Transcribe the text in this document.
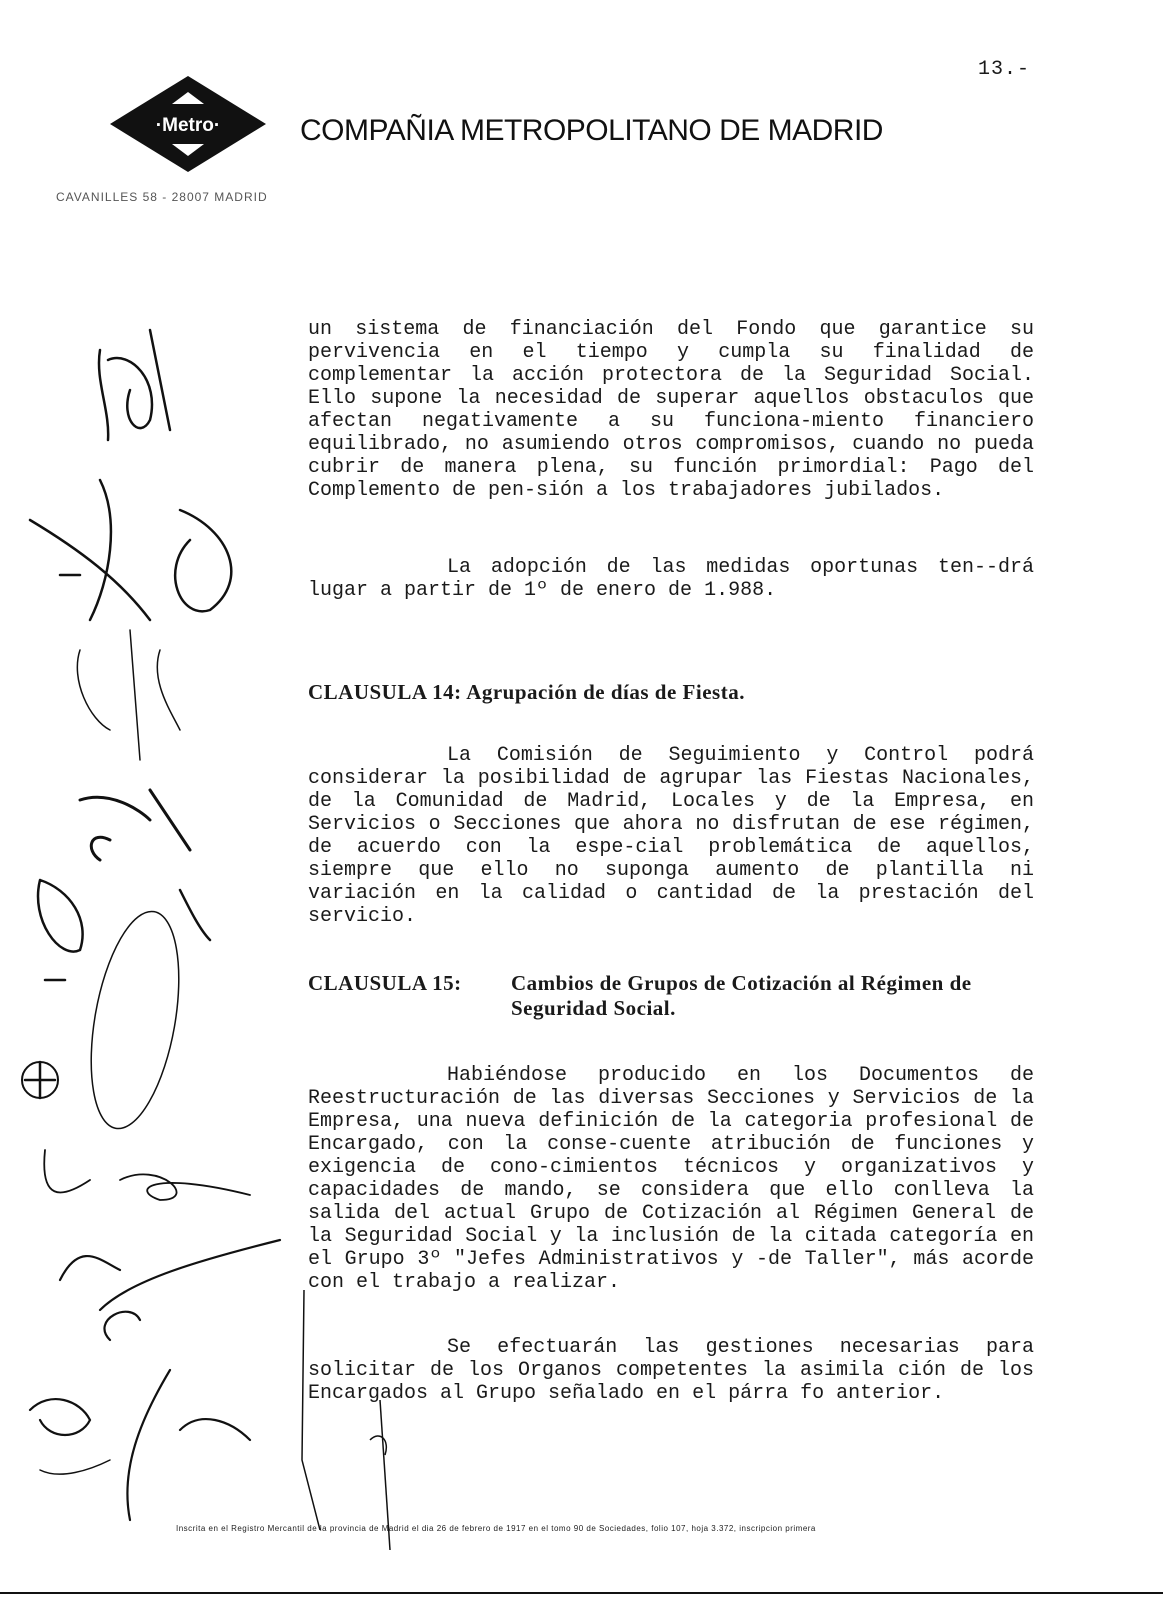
13.-
·Metro·	COMPAÑIA METROPOLITANO DE MADRID
CAVANILLES 58 - 28007 MADRID
un sistema de financiación del Fondo que garantice su pervivencia en el tiempo y cumpla su finalidad de complementar la acción protectora de la Seguridad Social. Ello supone la necesidad de superar aquellos obstaculos que afectan negativamente a su funciona-miento financiero equilibrado, no asumiendo otros compromisos, cuando no pueda cubrir de manera plena, su función primordial: Pago del Complemento de pen-sión a los trabajadores jubilados.
La adopción de las medidas oportunas ten--drá lugar a partir de 1º de enero de 1.988.
CLAUSULA 14: Agrupación de días de Fiesta.
La Comisión de Seguimiento y Control podrá considerar la posibilidad de agrupar las Fiestas Nacionales, de la Comunidad de Madrid, Locales y de la Empresa, en Servicios o Secciones que ahora no disfrutan de ese régimen, de acuerdo con la espe-cial problemática de aquellos, siempre que ello no suponga aumento de plantilla ni variación en la calidad o cantidad de la prestación del servicio.
CLAUSULA 15: Cambios de Grupos de Cotización al Régimen de Seguridad Social.
Habiéndose producido en los Documentos de Reestructuración de las diversas Secciones y Servicios de la Empresa, una nueva definición de la categoria profesional de Encargado, con la conse-cuente atribución de funciones y exigencia de cono-cimientos técnicos y organizativos y capacidades de mando, se considera que ello conlleva la salida del actual Grupo de Cotización al Régimen General de la Seguridad Social y la inclusión de la citada categoría en el Grupo 3º "Jefes Administrativos y -de Taller", más acorde con el trabajo a realizar.
Se efectuarán las gestiones necesarias para solicitar de los Organos competentes la asimila ción de los Encargados al Grupo señalado en el párra fo anterior.
Inscrita en el Registro Mercantil de la provincia de Madrid el dia 26 de febrero de 1917 en el tomo 90 de Sociedades, folio 107, hoja 3.372, inscripcion primera
